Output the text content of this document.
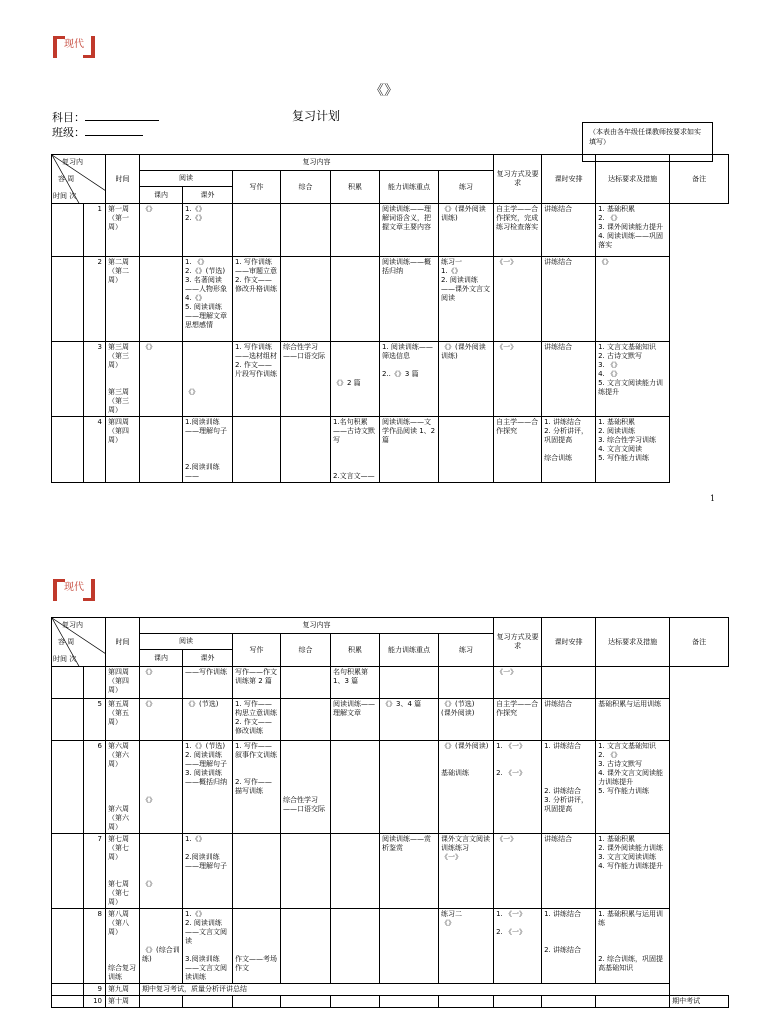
现代
《》
科目：
班级：
复习计划
（本表由各年级任课教师按要求如实填写）
复习内
容 周
时间 次		时间	复习内容							复习方式及要求	课时安排	达标要求及措施	备注
			阅读		写作	综合	积累	能力训练重点	练习				
			课内	课外									
	1	第一周（第一周）	《》	1.《》
2.《》				阅读训练——理解词语含义，把握文章主要内容	《》(课外阅读训练)	自主学——合作探究，完成练习检查落实	讲练结合	1. 基础积累
2. 《》
3. 课外阅读能力提升
4. 阅读训练——巩固落实	
	2	第二周（第二周）		1. 《》
2.《》(节选)
3. 名著阅读——人物形象
4.《》
5. 阅读训练——理解文章思想感情	1. 写作训练——审题立意
2. 作文——修改升格训练			阅读训练——概括归纳	练习一
1.《》
2. 阅读训练——课外文言文阅读	《一》	讲练结合	《》	
	3	第三周（第三周）

第三周（第三周）	《》	

《》	1. 写作训练——选材组材
2. 作文——片段写作训练	综合性学习——口语交际	

《》2 篇	1. 阅读训练——筛选信息

2..《》3 篇	《》(课外阅读训练)	《一》	讲练结合	1. 文言文基础知识
2. 古诗文默写
3. 《》
4. 《》
5. 文言文阅读能力训练提升	
	4	第四周（第四周）		1.阅读训练——理解句子

2.阅读训练——			1.名句积累——古诗文默写

2.文言文——	阅读训练——文学作品阅读 1、2 篇		自主学——合作探究	1. 讲练结合
2. 分析讲评，巩固提高

综合训练	1. 基础积累
2. 阅读训练
3. 综合性学习训练
4. 文言文阅读
5. 写作能力训练	
1
现代
复习内
容 周
时间 次		时间	复习内容							复习方式及要求	课时安排	达标要求及措施	备注
			阅读		写作	综合	积累	能力训练重点	练习				
			课内	课外									
		第四周（第四周）	《》	——写作训练	写作——作文训练第 2 篇		名句积累第 1、3 篇			《一》			
	5	第五周（第五周）	《》	《》(节选)	1. 写作——构思立意训练
2. 作文——修改训练		阅读训练——理解文章	《》3、4 篇	《》(节选)
(课外阅读)	自主学——合作探究	讲练结合	基础积累与运用训练	
	6	第六周（第六周）

第六周（第六周）	

《》	1.《》(节选)
2. 阅读训练——理解句子
3. 阅读训练——概括归纳	1. 写作——叙事作文训练

2. 写作——描写训练	

综合性学习——口语交际			《》(课外阅读)

基础训练	1. 《一》

2. 《一》	1. 讲练结合

2. 讲练结合
3. 分析讲评，巩固提高	1. 文言文基础知识
2. 《》
3. 古诗文默写
4. 课外文言文阅读能力训练提升
5. 写作能力训练	
	7	第七周（第七周）

第七周（第七周）	

《》	1.《》

2.阅读训练——理解句子				阅读训练——赏析鉴赏	课外文言文阅读训练练习
《一》	《一》	讲练结合	1. 基础积累
2. 课外阅读能力训练
3. 文言文阅读训练
4. 写作能力训练提升	
	8	第八周（第八周）

综合复习训练	

《》(综合训练)	1.《》
2. 阅读训练——文言文阅读

3.阅读训练——文言文阅读训练	

作文——考场作文				练习二
《》	1. 《一》

2. 《一》	1. 讲练结合

2. 讲练结合	1. 基础积累与运用训练

2. 综合训练，巩固提高基础知识	
	9	第九周	期中复习考试，质量分析评讲总结										
	10	第十周											期中考试
